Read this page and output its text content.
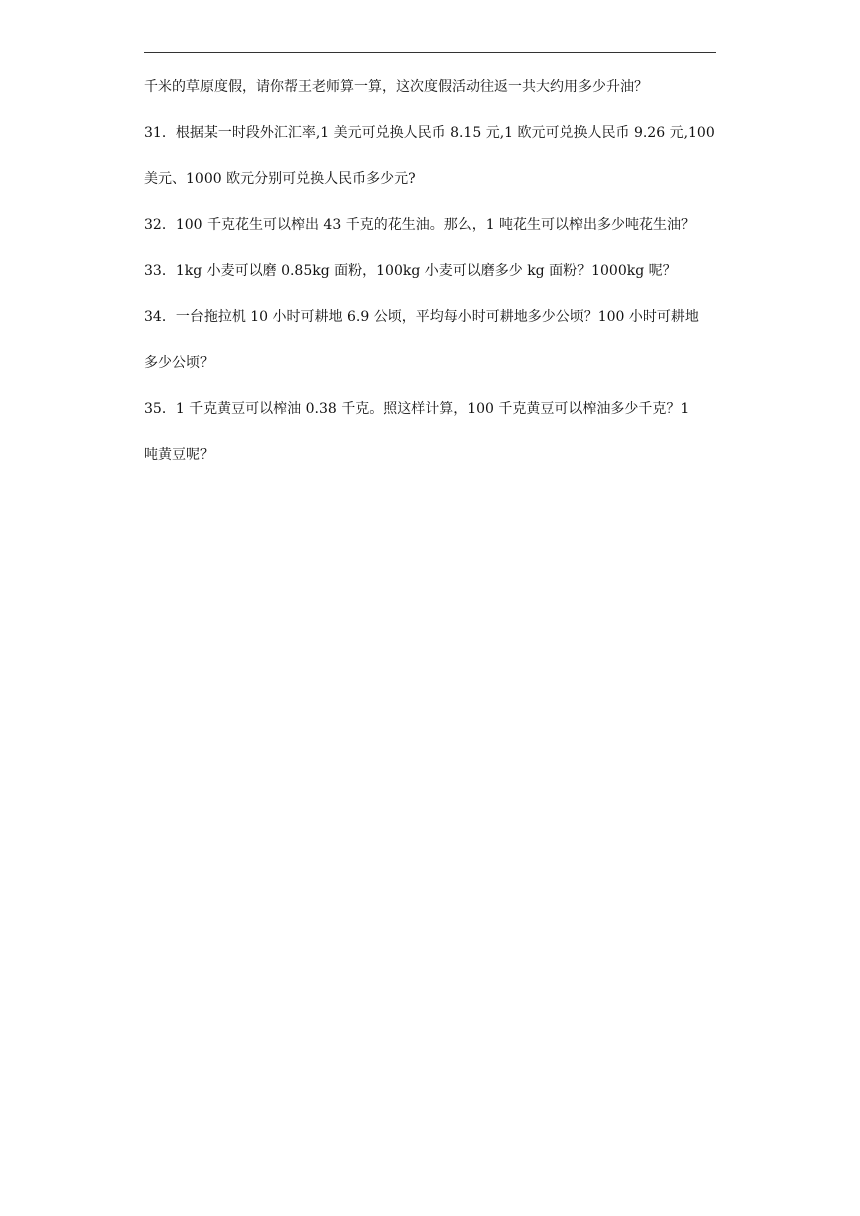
千米的草原度假，请你帮王老师算一算，这次度假活动往返一共大约用多少升油？
31．根据某一时段外汇汇率,1 美元可兑换人民币 8.15 元,1 欧元可兑换人民币 9.26 元,100
美元、1000 欧元分别可兑换人民币多少元?
32．100 千克花生可以榨出 43 千克的花生油。那么，1 吨花生可以榨出多少吨花生油？
33．1kg 小麦可以磨 0.85kg 面粉，100kg 小麦可以磨多少 kg 面粉？1000kg 呢？
34．一台拖拉机 10 小时可耕地 6.9 公顷，平均每小时可耕地多少公顷？100 小时可耕地
多少公顷？
35．1 千克黄豆可以榨油 0.38 千克。照这样计算，100 千克黄豆可以榨油多少千克？1
吨黄豆呢？
